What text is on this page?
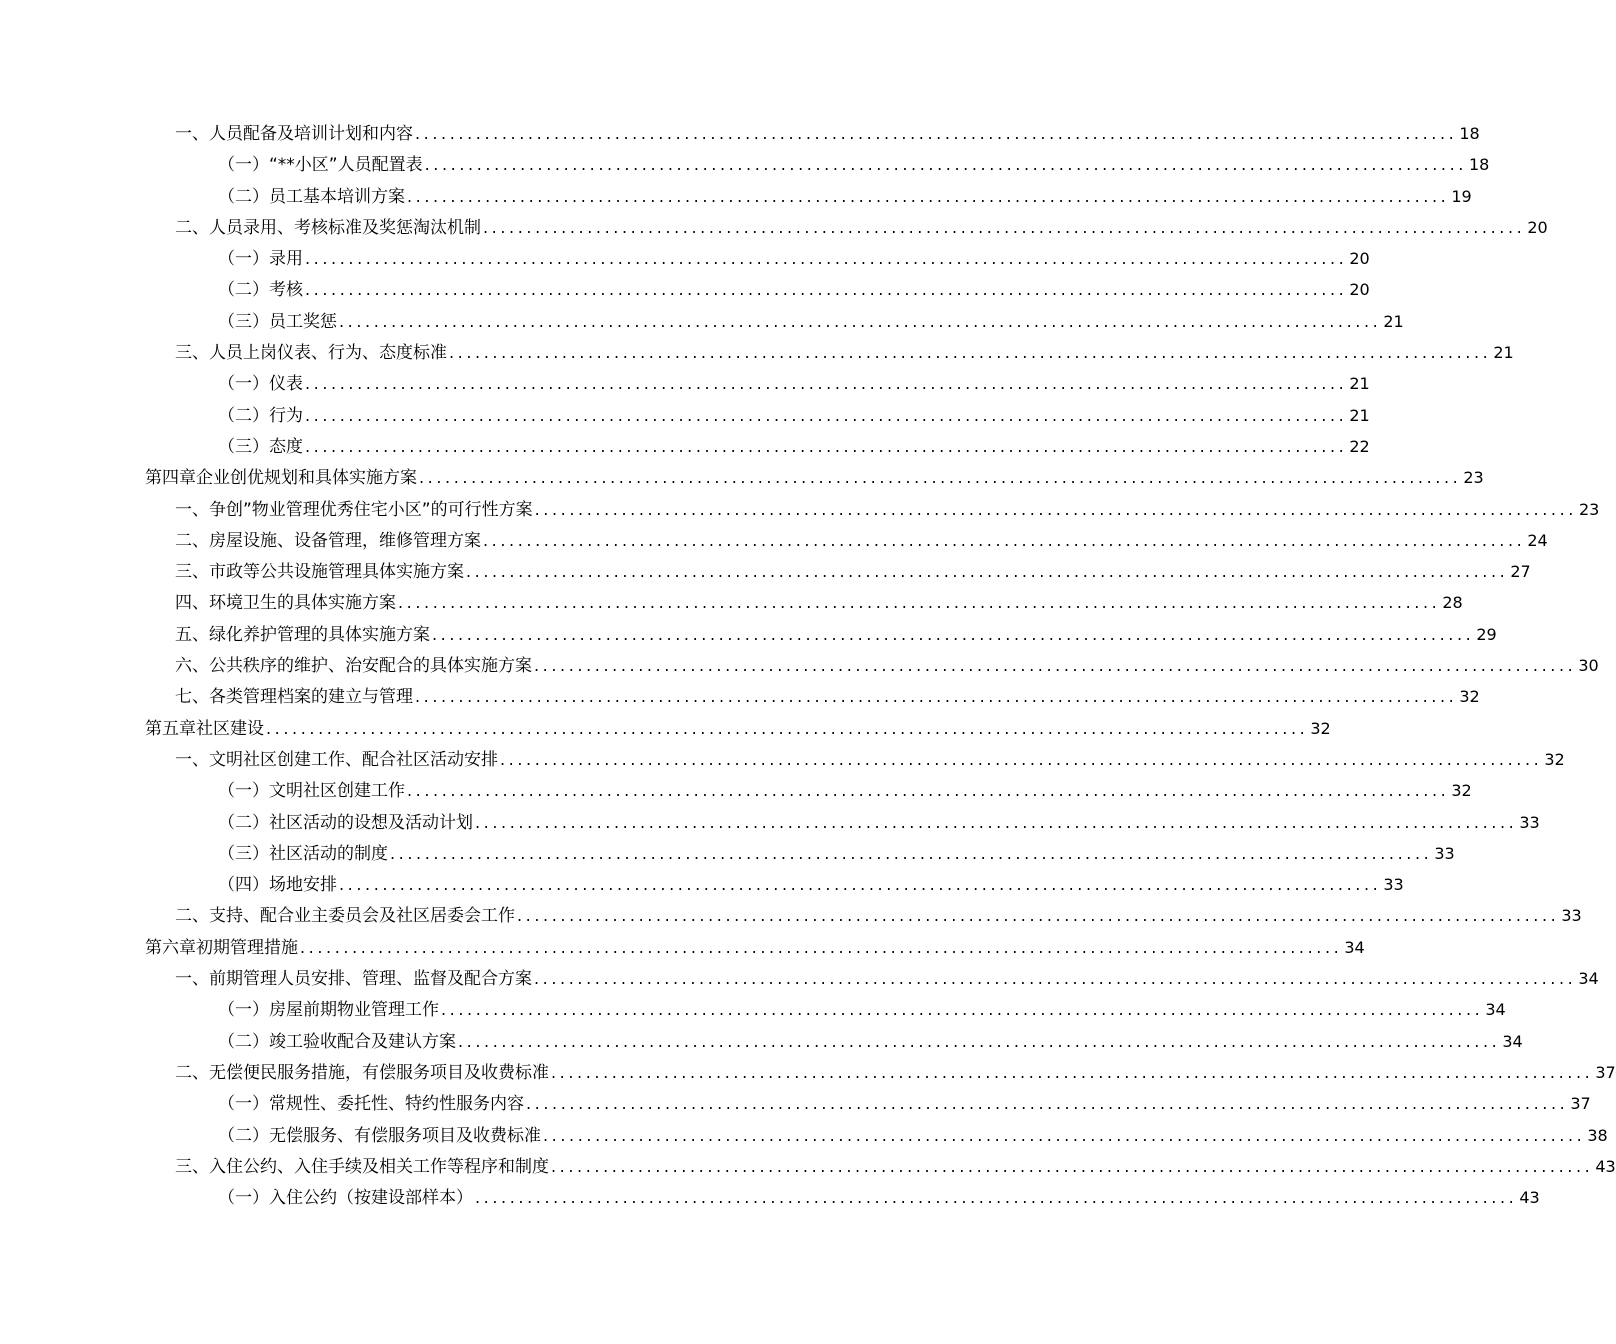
一、人员配备及培训计划和内容 ........................................................................................................................ 18
（一）“**小区”人员配置表 ........................................................................................................................ 18
（二）员工基本培训方案 ........................................................................................................................ 19
二、人员录用、考核标准及奖惩淘汰机制 ........................................................................................................................ 20
（一）录用 ........................................................................................................................ 20
（二）考核 ........................................................................................................................ 20
（三）员工奖惩 ........................................................................................................................ 21
三、人员上岗仪表、行为、态度标准 ........................................................................................................................ 21
（一）仪表 ........................................................................................................................ 21
（二）行为 ........................................................................................................................ 21
（三）态度 ........................................................................................................................ 22
第四章企业创优规划和具体实施方案 ........................................................................................................................ 23
一、争创”物业管理优秀住宅小区”的可行性方案 ........................................................................................................................ 23
二、房屋设施、设备管理，维修管理方案 ........................................................................................................................ 24
三、市政等公共设施管理具体实施方案 ........................................................................................................................ 27
四、环境卫生的具体实施方案 ........................................................................................................................ 28
五、绿化养护管理的具体实施方案 ........................................................................................................................ 29
六、公共秩序的维护、治安配合的具体实施方案 ........................................................................................................................ 30
七、各类管理档案的建立与管理 ........................................................................................................................ 32
第五章社区建设 ........................................................................................................................ 32
一、文明社区创建工作、配合社区活动安排 ........................................................................................................................ 32
（一）文明社区创建工作 ........................................................................................................................ 32
（二）社区活动的设想及活动计划 ........................................................................................................................ 33
（三）社区活动的制度 ........................................................................................................................ 33
（四）场地安排 ........................................................................................................................ 33
二、支持、配合业主委员会及社区居委会工作 ........................................................................................................................ 33
第六章初期管理措施 ........................................................................................................................ 34
一、前期管理人员安排、管理、监督及配合方案 ........................................................................................................................ 34
（一）房屋前期物业管理工作 ........................................................................................................................ 34
（二）竣工验收配合及建认方案 ........................................................................................................................ 34
二、无偿便民服务措施，有偿服务项目及收费标准 ........................................................................................................................ 37
（一）常规性、委托性、特约性服务内容 ........................................................................................................................ 37
（二）无偿服务、有偿服务项目及收费标准 ........................................................................................................................ 38
三、入住公约、入住手续及相关工作等程序和制度 ........................................................................................................................ 43
（一）入住公约（按建设部样本） ........................................................................................................................ 43
